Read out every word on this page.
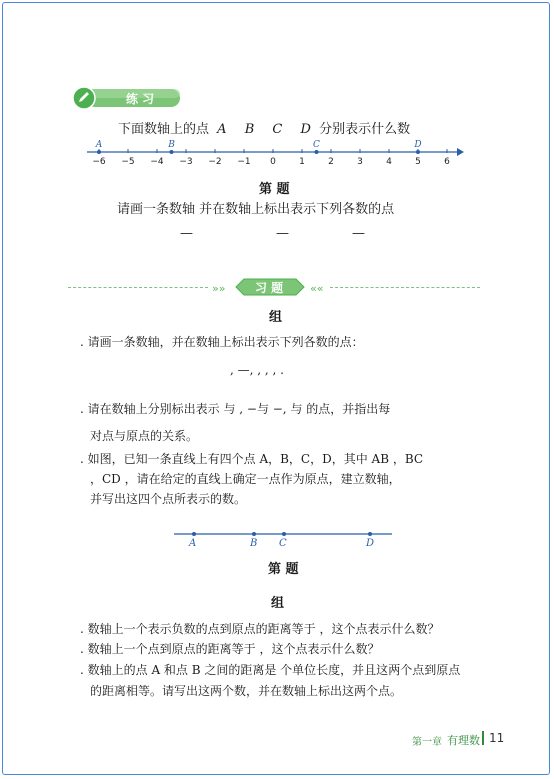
练 习
下面数轴上的点 A B C D 分别表示什么数
−6 −5 −4 −3 −2 −1 0	1	2	3	4	5	6
A	B	C	D
第 题
请画一条数轴 并在数轴上标出表示下列各数的点
—	—	—
»»	««
习 题
组
. 请画一条数轴，并在数轴上标出表示下列各数的点：
, —, , , , .
. 请在数轴上分别标出表示 与 , −与 −, 与 的点，并指出每
对点与原点的关系。
. 如图，已知一条直线上有四个点 A，B，C，D，其中 AB ，BC
，CD ，请在给定的直线上确定一点作为原点，建立数轴，
并写出这四个点所表示的数。
A	B C	D
第 题
组
. 数轴上一个表示负数的点到原点的距离等于 ，这个点表示什么数？
. 数轴上一个点到原点的距离等于 ，这个点表示什么数？
. 数轴上的点 A 和点 B 之间的距离是 个单位长度，并且这两个点到原点
的距离相等。请写出这两个数，并在数轴上标出这两个点。
第一章 有理数 11
